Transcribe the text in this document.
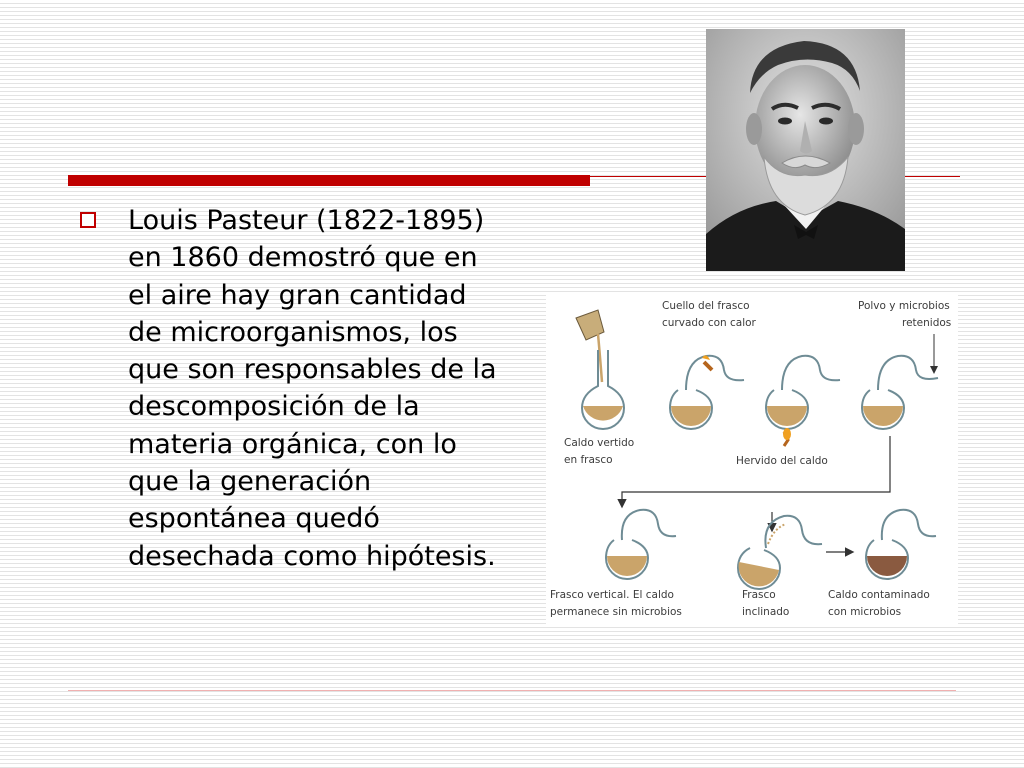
Louis Pasteur (1822-1895) en 1860 demostró que en el aire hay gran cantidad de microorganismos, los que son responsables de la descomposición de la materia orgánica, con lo que la generación espontánea quedó desechada como hipótesis.
Cuello del frasco
curvado con calor
Polvo y microbios
retenidos
Caldo vertido
en frasco	Hervido del caldo
Frasco vertical. El caldo
permanece sin microbios
Frasco
inclinado
Caldo contaminado
con microbios
